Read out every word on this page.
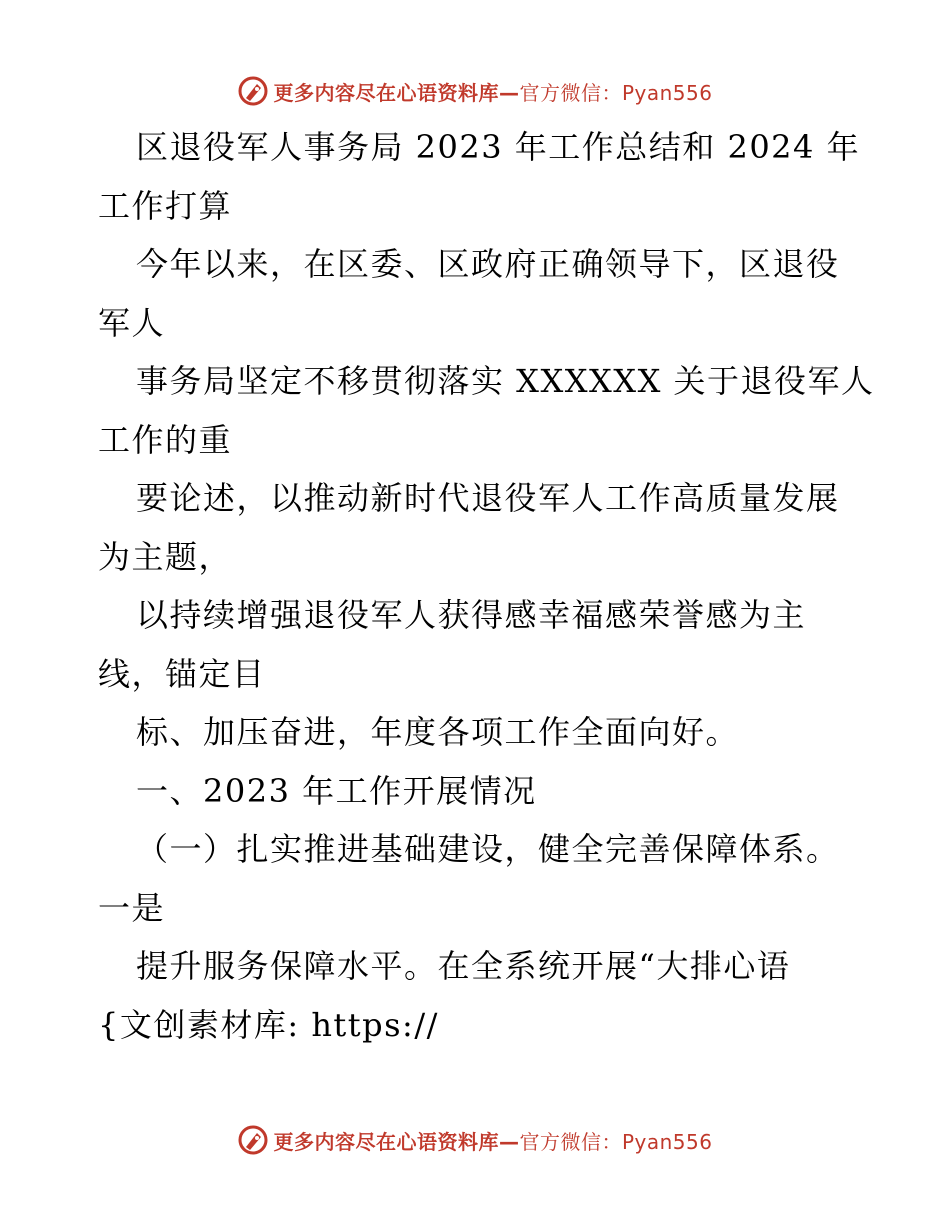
更多内容尽在心语资料库— 官方微信：Pyan556
区退役军人事务局 2023 年工作总结和 2024 年
工作打算
今年以来，在区委、区政府正确领导下，区退役
军人
事务局坚定不移贯彻落实 XXXXXX 关于退役军人
工作的重
要论述，以推动新时代退役军人工作高质量发展
为主题，
以持续增强退役军人获得感幸福感荣誉感为主
线，锚定目
标、加压奋进，年度各项工作全面向好。
一、2023 年工作开展情况
（一）扎实推进基础建设，健全完善保障体系。
一是
提升服务保障水平。在全系统开展“大排心语
{文创素材库: https://
更多内容尽在心语资料库— 官方微信：Pyan556
